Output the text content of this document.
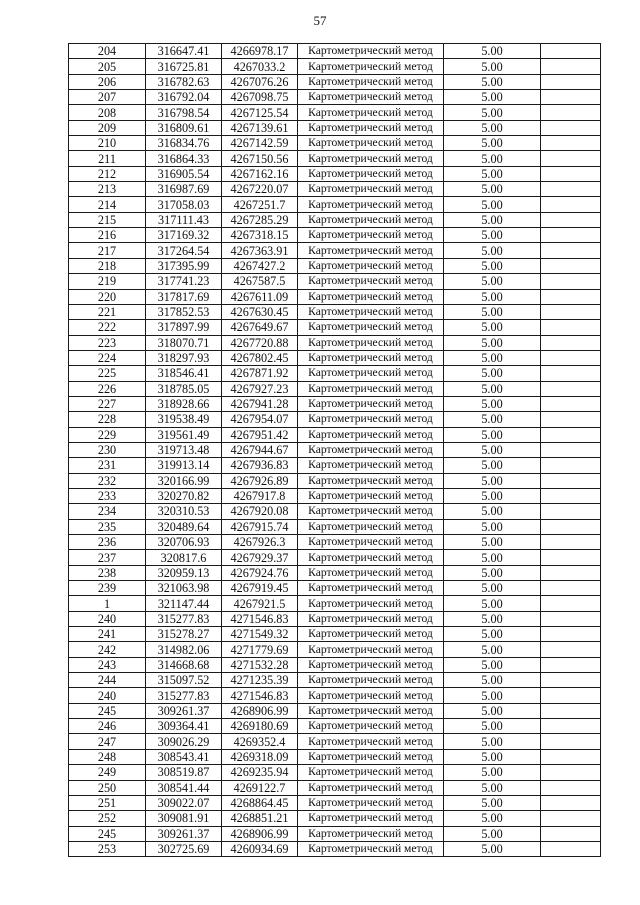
57
204	316647.41	4266978.17	Картометрический метод	5.00	
205	316725.81	4267033.2	Картометрический метод	5.00	
206	316782.63	4267076.26	Картометрический метод	5.00	
207	316792.04	4267098.75	Картометрический метод	5.00	
208	316798.54	4267125.54	Картометрический метод	5.00	
209	316809.61	4267139.61	Картометрический метод	5.00	
210	316834.76	4267142.59	Картометрический метод	5.00	
211	316864.33	4267150.56	Картометрический метод	5.00	
212	316905.54	4267162.16	Картометрический метод	5.00	
213	316987.69	4267220.07	Картометрический метод	5.00	
214	317058.03	4267251.7	Картометрический метод	5.00	
215	317111.43	4267285.29	Картометрический метод	5.00	
216	317169.32	4267318.15	Картометрический метод	5.00	
217	317264.54	4267363.91	Картометрический метод	5.00	
218	317395.99	4267427.2	Картометрический метод	5.00	
219	317741.23	4267587.5	Картометрический метод	5.00	
220	317817.69	4267611.09	Картометрический метод	5.00	
221	317852.53	4267630.45	Картометрический метод	5.00	
222	317897.99	4267649.67	Картометрический метод	5.00	
223	318070.71	4267720.88	Картометрический метод	5.00	
224	318297.93	4267802.45	Картометрический метод	5.00	
225	318546.41	4267871.92	Картометрический метод	5.00	
226	318785.05	4267927.23	Картометрический метод	5.00	
227	318928.66	4267941.28	Картометрический метод	5.00	
228	319538.49	4267954.07	Картометрический метод	5.00	
229	319561.49	4267951.42	Картометрический метод	5.00	
230	319713.48	4267944.67	Картометрический метод	5.00	
231	319913.14	4267936.83	Картометрический метод	5.00	
232	320166.99	4267926.89	Картометрический метод	5.00	
233	320270.82	4267917.8	Картометрический метод	5.00	
234	320310.53	4267920.08	Картометрический метод	5.00	
235	320489.64	4267915.74	Картометрический метод	5.00	
236	320706.93	4267926.3	Картометрический метод	5.00	
237	320817.6	4267929.37	Картометрический метод	5.00	
238	320959.13	4267924.76	Картометрический метод	5.00	
239	321063.98	4267919.45	Картометрический метод	5.00	
1	321147.44	4267921.5	Картометрический метод	5.00	
240	315277.83	4271546.83	Картометрический метод	5.00	
241	315278.27	4271549.32	Картометрический метод	5.00	
242	314982.06	4271779.69	Картометрический метод	5.00	
243	314668.68	4271532.28	Картометрический метод	5.00	
244	315097.52	4271235.39	Картометрический метод	5.00	
240	315277.83	4271546.83	Картометрический метод	5.00	
245	309261.37	4268906.99	Картометрический метод	5.00	
246	309364.41	4269180.69	Картометрический метод	5.00	
247	309026.29	4269352.4	Картометрический метод	5.00	
248	308543.41	4269318.09	Картометрический метод	5.00	
249	308519.87	4269235.94	Картометрический метод	5.00	
250	308541.44	4269122.7	Картометрический метод	5.00	
251	309022.07	4268864.45	Картометрический метод	5.00	
252	309081.91	4268851.21	Картометрический метод	5.00	
245	309261.37	4268906.99	Картометрический метод	5.00	
253	302725.69	4260934.69	Картометрический метод	5.00	
